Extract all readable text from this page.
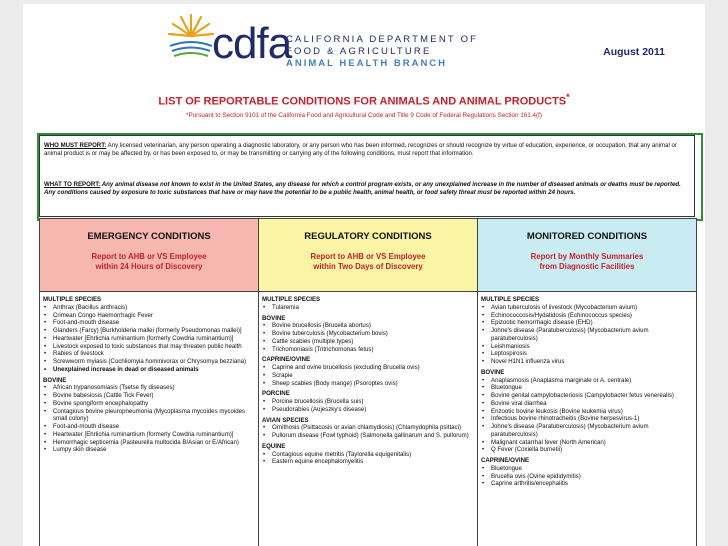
cdfa
CALIFORNIA DEPARTMENT OF
FOOD & AGRICULTURE
ANIMAL HEALTH BRANCH
August 2011
LIST OF REPORTABLE CONDITIONS FOR ANIMALS AND ANIMAL PRODUCTS*
*Pursuant to Section 9101 of the California Food and Agricultural Code and Title 9 Code of Federal Regulations Section 161.4(f)
WHO MUST REPORT: Any licensed veterinarian, any person operating a diagnostic laboratory, or any person who has been informed, recognizes or should recognize by virtue of education, experience, or occupation, that any animal or animal product is or may be affected by, or has been exposed to, or may be transmitting or carrying any of the following conditions, must report that information.
WHAT TO REPORT: Any animal disease not known to exist in the United States, any disease for which a control program exists, or any unexplained increase in the number of diseased animals or deaths must be reported. Any conditions caused by exposure to toxic substances that have or may have the potential to be a public health, animal health, or food safety threat must be reported within 24 hours.
EMERGENCY CONDITIONS
Report to AHB or VS Employee
within 24 Hours of Discovery
MULTIPLE SPECIES
• Anthrax (Bacillus anthracis)
• Crimean Congo Haemorrhagic Fever
• Foot-and-mouth disease
• Glanders (Farcy) [Burkholderia mallei (formerly Pseudomonas mallei)]
• Heartwater [Ehrlichia ruminantium (formerly Cowdria ruminantium)]
• Livestock exposed to toxic substances that may threaten public health
• Rabies of livestock
• Screwworm myiasis (Cochliomyia hominivorax or Chrysomya bezziana)
• Unexplained increase in dead or diseased animals
BOVINE
• African trypanosomiasis (Tsetse fly diseases)
• Bovine babesiosis (Cattle Tick Fever)
• Bovine spongiform encephalopathy
• Contagious bovine pleuropneumonia (Mycoplasma mycoides mycoides small colony)
• Foot-and-mouth disease
• Heartwater [Ehrlichia ruminantium (formerly Cowdria ruminantium)]
• Hemorrhagic septicemia (Pasteurella multocida B/Asian or E/African)
• Lumpy skin disease
REGULATORY CONDITIONS
Report to AHB or VS Employee
within Two Days of Discovery
MULTIPLE SPECIES
• Tularemia
BOVINE
• Bovine brucellosis (Brucella abortus)
• Bovine tuberculosis (Mycobacterium bovis)
• Cattle scabies (multiple types)
• Trichomoniasis (Tritrichomonas fetus)
CAPRINE/OVINE
• Caprine and ovine brucellosis (excluding Brucella ovis)
• Scrapie
• Sheep scabies (Body mange) (Psoroptes ovis)
PORCINE
• Porcine brucellosis (Brucella suis)
• Pseudorabies (Aujeszky's disease)
AVIAN SPECIES
• Ornithosis (Psittacosis or avian chlamydiosis) (Chlamydophila psittaci)
• Pullorum disease (Fowl typhoid) (Salmonella gallinarum and S. pullorum)
EQUINE
• Contagious equine metritis (Taylorella equigenitalis)
• Eastern equine encephalomyelitis
MONITORED CONDITIONS
Report by Monthly Summaries
from Diagnostic Facilities
MULTIPLE SPECIES
• Avian tuberculosis of livestock (Mycobacterium avium)
• Echinococcosis/Hydatidosis (Echinococcus species)
• Epizootic hemorrhagic disease (EHD)
• Johne's disease (Paratuberculosis) (Mycobacterium avium paratuberculosis)
• Leishmaniosis
• Leptospirosis
• Novel H1N1 influenza virus
BOVINE
• Anaplasmosis (Anaplasma marginale or A. centrale)
• Bluetongue
• Bovine genital campylobacteriosis (Campylobacter fetus venerealis)
• Bovine viral diarrhea
• Enzootic bovine leukosis (Bovine leukemia virus)
• Infectious bovine rhinotracheitis (Bovine herpesvirus-1)
• Johne's disease (Paratuberculosis) (Mycobacterium avium paratuberculosis)
• Malignant catarrhal fever (North American)
• Q Fever (Coxiella burnetii)
CAPRINE/OVINE
• Bluetongue
• Brucella ovis (Ovine epididymitis)
• Caprine arthritis/encephalitis
